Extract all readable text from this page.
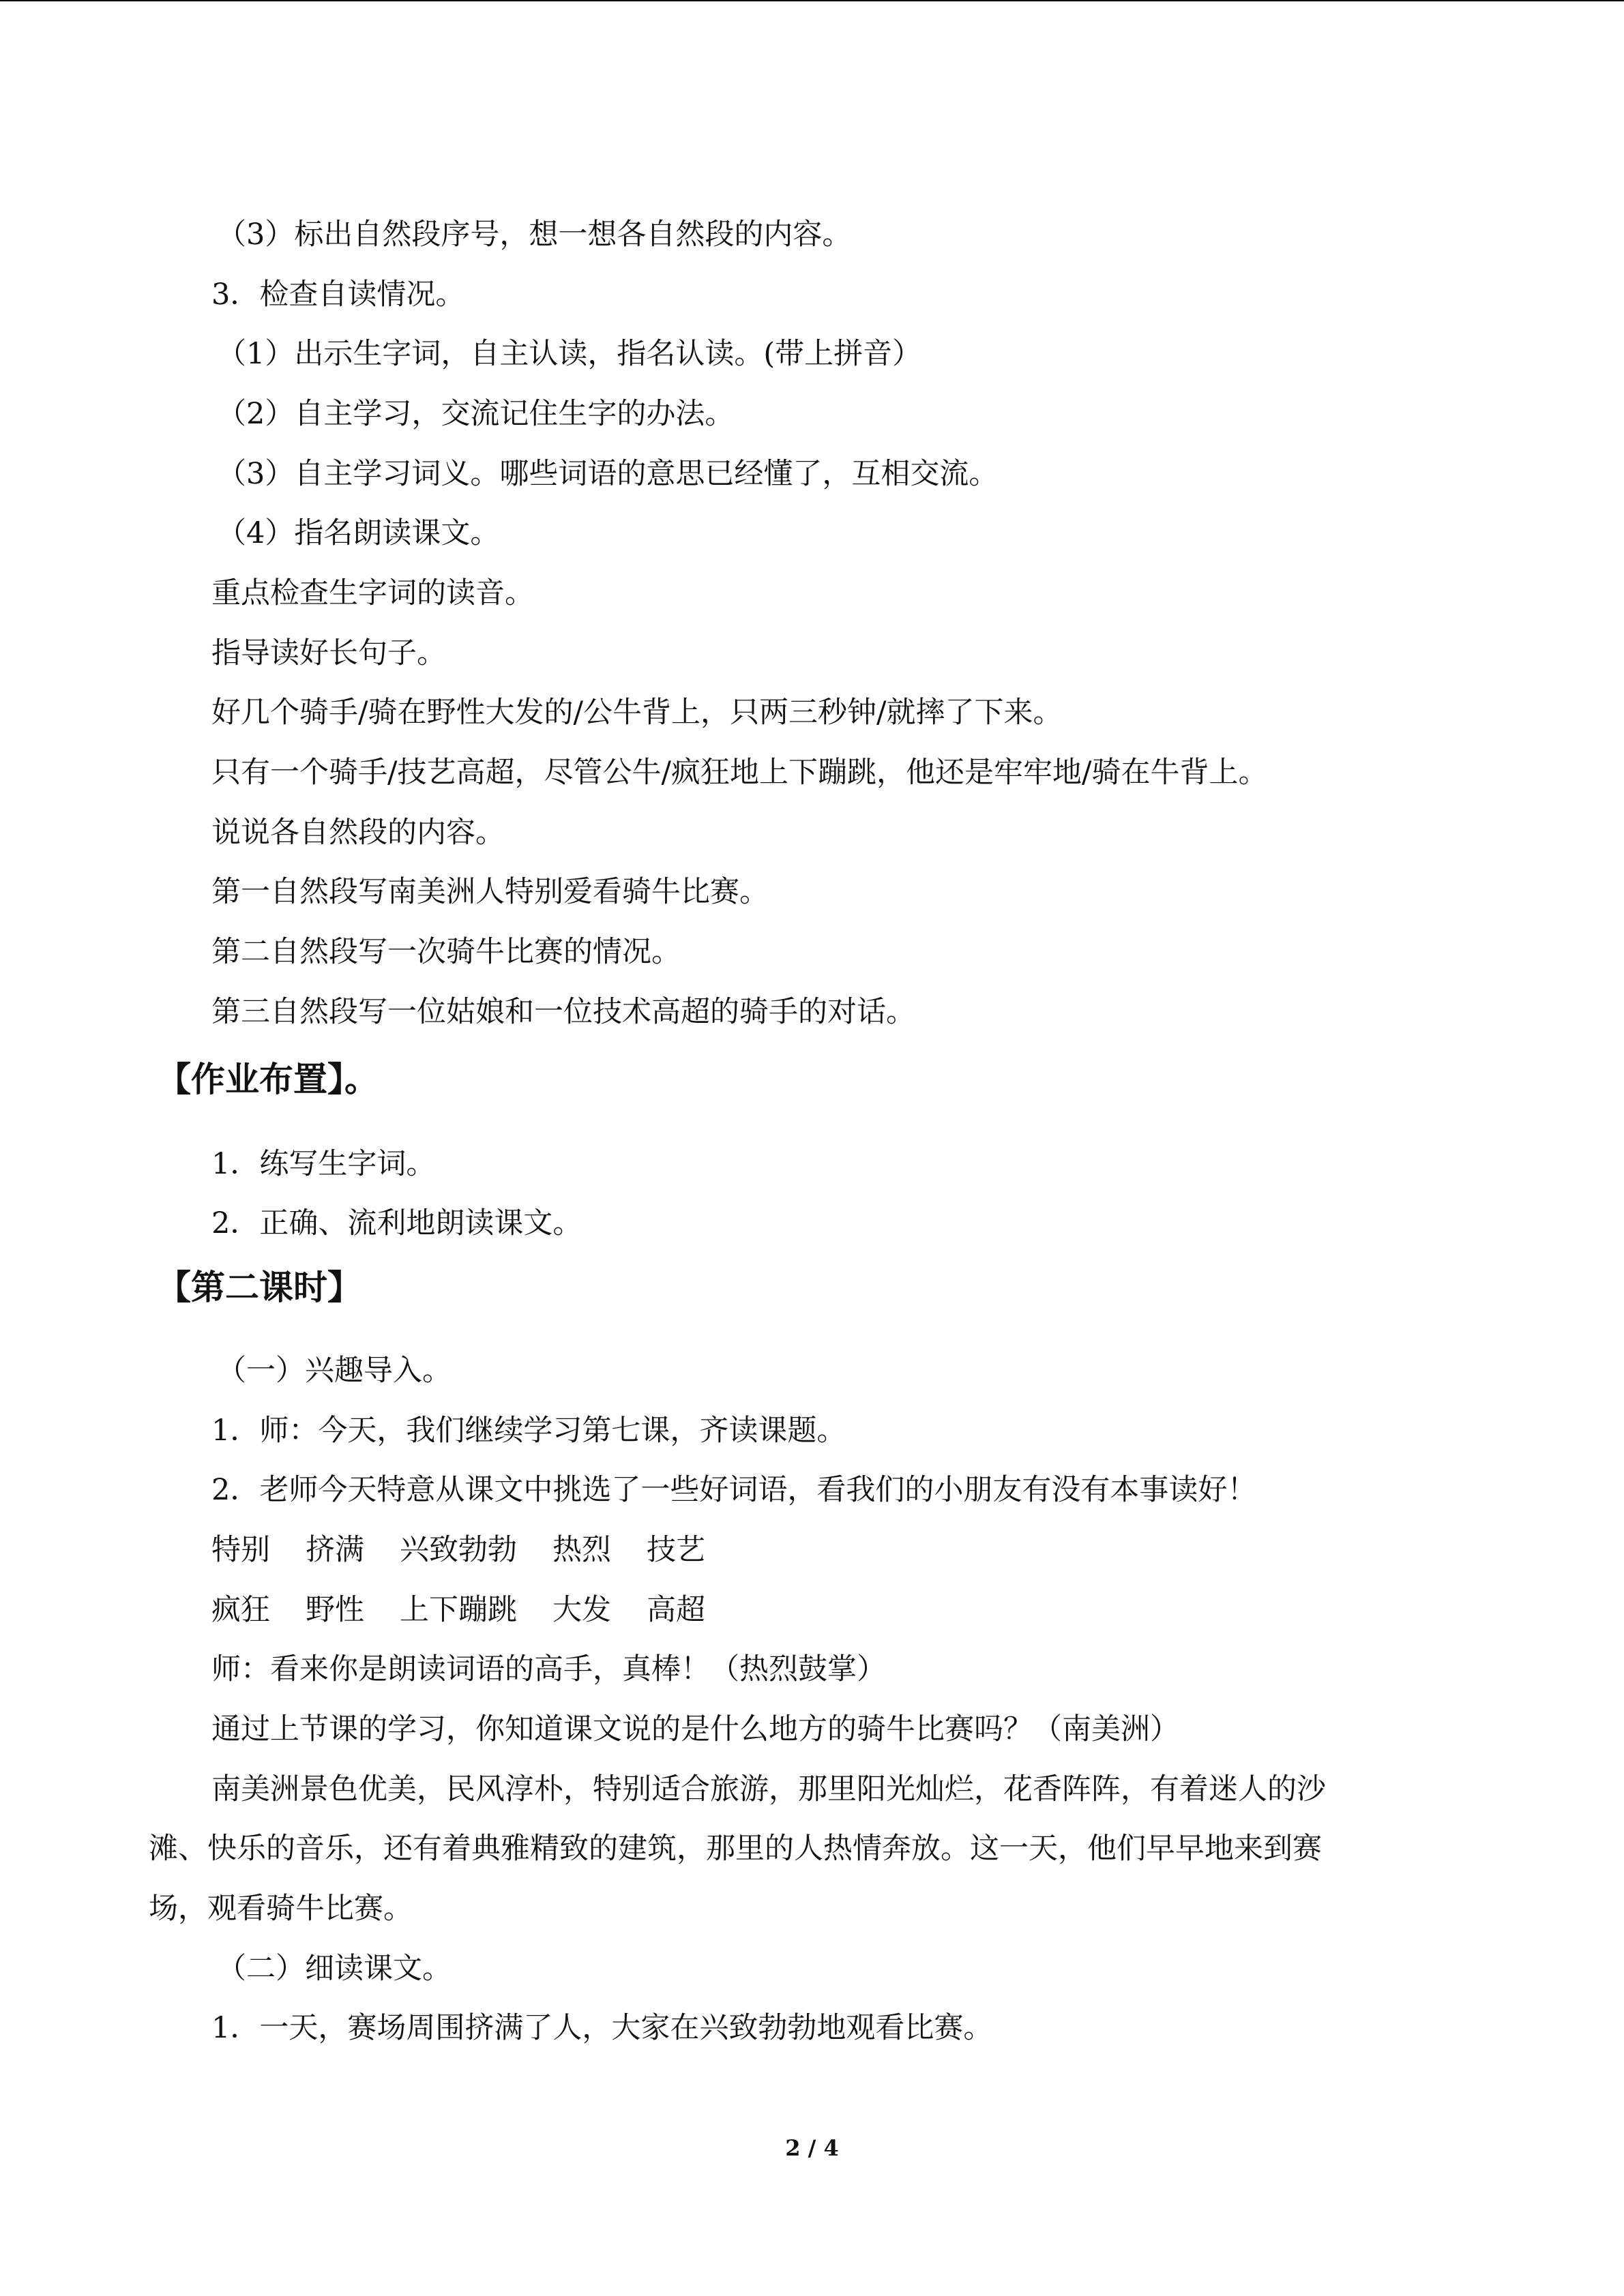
（3）标出自然段序号，想一想各自然段的内容。
3．检查自读情况。
（1）出示生字词，自主认读，指名认读。(带上拼音）
（2）自主学习，交流记住生字的办法。
（3）自主学习词义。哪些词语的意思已经懂了，互相交流。
（4）指名朗读课文。
重点检查生字词的读音。
指导读好长句子。
好几个骑手/骑在野性大发的/公牛背上，只两三秒钟/就摔了下来。
只有一个骑手/技艺高超，尽管公牛/疯狂地上下蹦跳，他还是牢牢地/骑在牛背上。
说说各自然段的内容。
第一自然段写南美洲人特别爱看骑牛比赛。
第二自然段写一次骑牛比赛的情况。
第三自然段写一位姑娘和一位技术高超的骑手的对话。
【作业布置】。
1．练写生字词。
2．正确、流利地朗读课文。
【第二课时】
（一）兴趣导入。
1．师：今天，我们继续学习第七课，齐读课题。
2．老师今天特意从课文中挑选了一些好词语，看我们的小朋友有没有本事读好！
特别 挤满 兴致勃勃 热烈 技艺
疯狂 野性 上下蹦跳 大发 高超
师：看来你是朗读词语的高手，真棒！（热烈鼓掌）
通过上节课的学习，你知道课文说的是什么地方的骑牛比赛吗？（南美洲）
南美洲景色优美，民风淳朴，特别适合旅游，那里阳光灿烂，花香阵阵，有着迷人的沙
滩、快乐的音乐，还有着典雅精致的建筑，那里的人热情奔放。这一天，他们早早地来到赛
场，观看骑牛比赛。
（二）细读课文。
1．一天，赛场周围挤满了人，大家在兴致勃勃地观看比赛。
2 / 4
